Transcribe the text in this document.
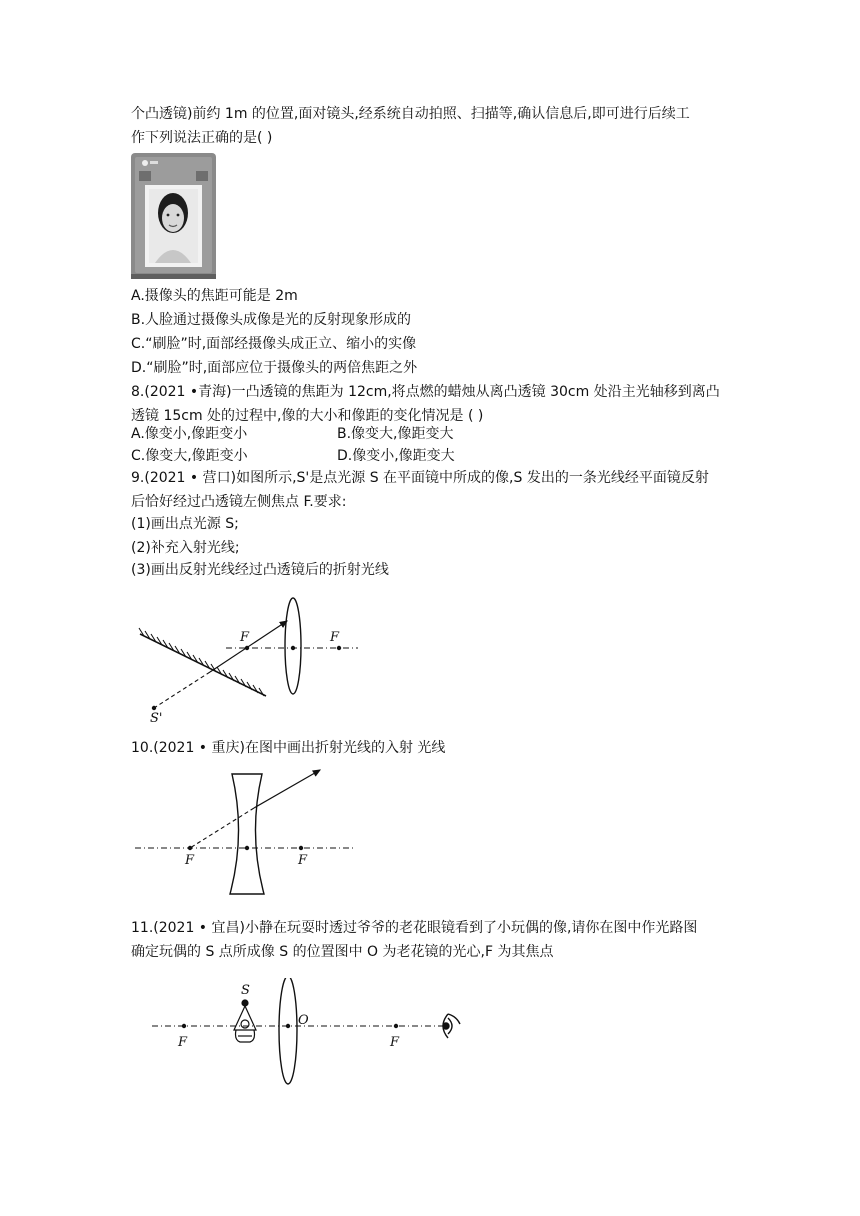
个凸透镜)前约 1m 的位置,面对镜头,经系统自动拍照、扫描等,确认信息后,即可进行后续工
作下列说法正确的是( )
A.摄像头的焦距可能是 2m
B.人脸通过摄像头成像是光的反射现象形成的
C.“刷脸”时,面部经摄像头成正立、缩小的实像
D.“刷脸”时,面部应位于摄像头的两倍焦距之外
8.(2021 •青海)一凸透镜的焦距为 12cm,将点燃的蜡烛从离凸透镜 30cm 处沿主光轴移到离凸
透镜 15cm 处的过程中,像的大小和像距的变化情况是 ( )
A.像变小,像距变小	B.像变大,像距变大
C.像变大,像距变小	D.像变小,像距变大
9.(2021 • 营口)如图所示,S'是点光源 S 在平面镜中所成的像,S 发出的一条光线经平面镜反射
后恰好经过凸透镜左侧焦点 F.要求:
(1)画出点光源 S;
(2)补充入射光线;
(3)画出反射光线经过凸透镜后的折射光线
F	F
S'
10.(2021 • 重庆)在图中画出折射光线的入射 光线
F	F
11.(2021 • 宜昌)小静在玩耍时透过爷爷的老花眼镜看到了小玩偶的像,请你在图中作光路图
确定玩偶的 S 点所成像 S 的位置图中 O 为老花镜的光心,F 为其焦点
S
O
F	F
